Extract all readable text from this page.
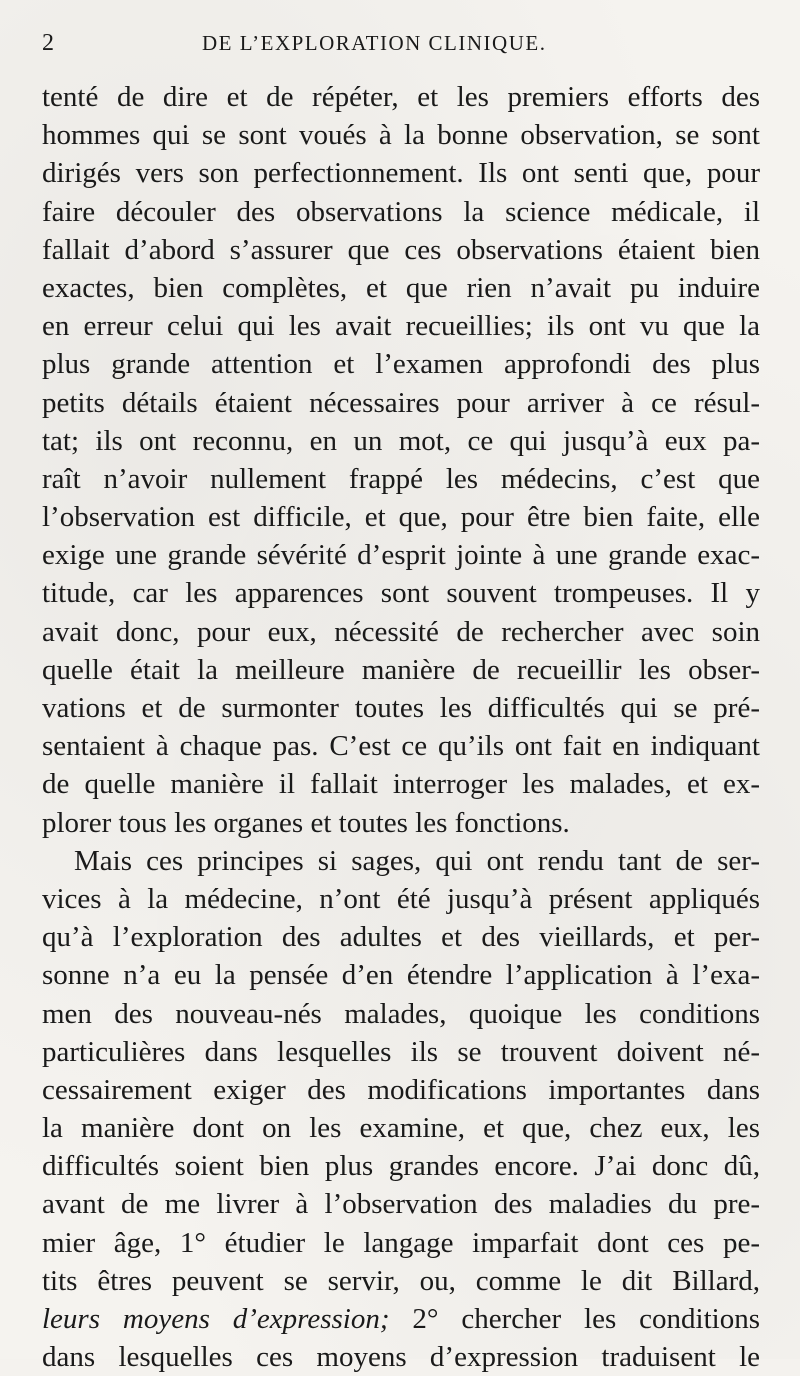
2	DE L’EXPLORATION CLINIQUE.
tenté de dire et de répéter, et les premiers efforts des
hommes qui se sont voués à la bonne observation, se sont
dirigés vers son perfectionnement. Ils ont senti que, pour
faire découler des observations la science médicale, il
fallait d’abord s’assurer que ces observations étaient bien
exactes, bien complètes, et que rien n’avait pu induire
en erreur celui qui les avait recueillies; ils ont vu que la
plus grande attention et l’examen approfondi des plus
petits détails étaient nécessaires pour arriver à ce résul-
tat; ils ont reconnu, en un mot, ce qui jusqu’à eux pa-
raît n’avoir nullement frappé les médecins, c’est que
l’observation est difficile, et que, pour être bien faite, elle
exige une grande sévérité d’esprit jointe à une grande exac-
titude, car les apparences sont souvent trompeuses. Il y
avait donc, pour eux, nécessité de rechercher avec soin
quelle était la meilleure manière de recueillir les obser-
vations et de surmonter toutes les difficultés qui se pré-
sentaient à chaque pas. C’est ce qu’ils ont fait en indiquant
de quelle manière il fallait interroger les malades, et ex-
plorer tous les organes et toutes les fonctions.
Mais ces principes si sages, qui ont rendu tant de ser-
vices à la médecine, n’ont été jusqu’à présent appliqués
qu’à l’exploration des adultes et des vieillards, et per-
sonne n’a eu la pensée d’en étendre l’application à l’exa-
men des nouveau-nés malades, quoique les conditions
particulières dans lesquelles ils se trouvent doivent né-
cessairement exiger des modifications importantes dans
la manière dont on les examine, et que, chez eux, les
difficultés soient bien plus grandes encore. J’ai donc dû,
avant de me livrer à l’observation des maladies du pre-
mier âge, 1° étudier le langage imparfait dont ces pe-
tits êtres peuvent se servir, ou, comme le dit Billard,
leurs moyens d’expression; 2° chercher les conditions
dans lesquelles ces moyens d’expression traduisent le
